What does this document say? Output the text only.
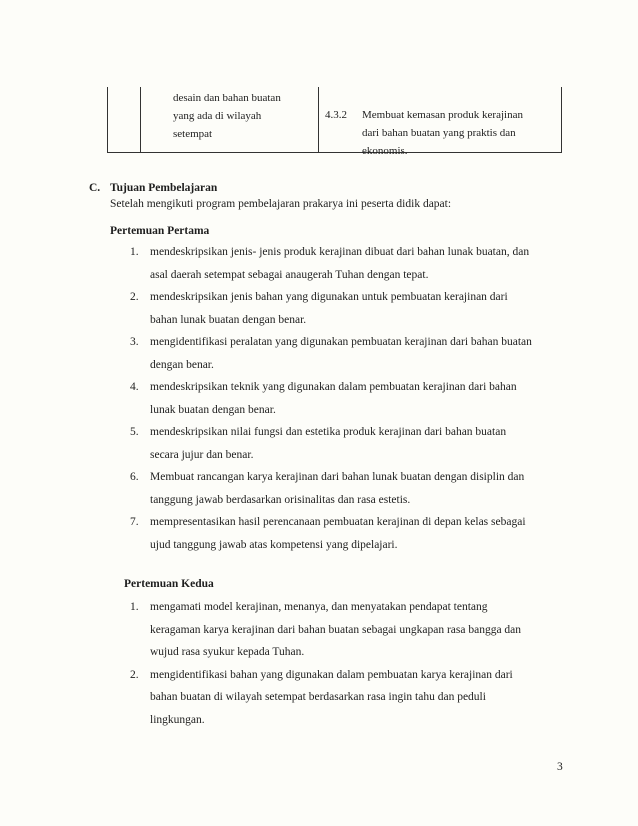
desain dan bahan buatan
yang ada di wilayah
setempat
4.3.2 Membuat kemasan produk kerajinan
dari bahan buatan yang praktis dan
ekonomis.
C. Tujuan Pembelajaran
Setelah mengikuti program pembelajaran prakarya ini peserta didik dapat:
Pertemuan Pertama
1. mendeskripsikan jenis- jenis produk kerajinan dibuat dari bahan lunak buatan, dan
asal daerah setempat sebagai anaugerah Tuhan dengan tepat.
2. mendeskripsikan jenis bahan yang digunakan untuk pembuatan kerajinan dari
bahan lunak buatan dengan benar.
3. mengidentifikasi peralatan yang digunakan pembuatan kerajinan dari bahan buatan
dengan benar.
4. mendeskripsikan teknik yang digunakan dalam pembuatan kerajinan dari bahan
lunak buatan dengan benar.
5. mendeskripsikan nilai fungsi dan estetika produk kerajinan dari bahan buatan
secara jujur dan benar.
6. Membuat rancangan karya kerajinan dari bahan lunak buatan dengan disiplin dan
tanggung jawab berdasarkan orisinalitas dan rasa estetis.
7. mempresentasikan hasil perencanaan pembuatan kerajinan di depan kelas sebagai
ujud tanggung jawab atas kompetensi yang dipelajari.
Pertemuan Kedua
1. mengamati model kerajinan, menanya, dan menyatakan pendapat tentang
keragaman karya kerajinan dari bahan buatan sebagai ungkapan rasa bangga dan
wujud rasa syukur kepada Tuhan.
2. mengidentifikasi bahan yang digunakan dalam pembuatan karya kerajinan dari
bahan buatan di wilayah setempat berdasarkan rasa ingin tahu dan peduli
lingkungan.
3
